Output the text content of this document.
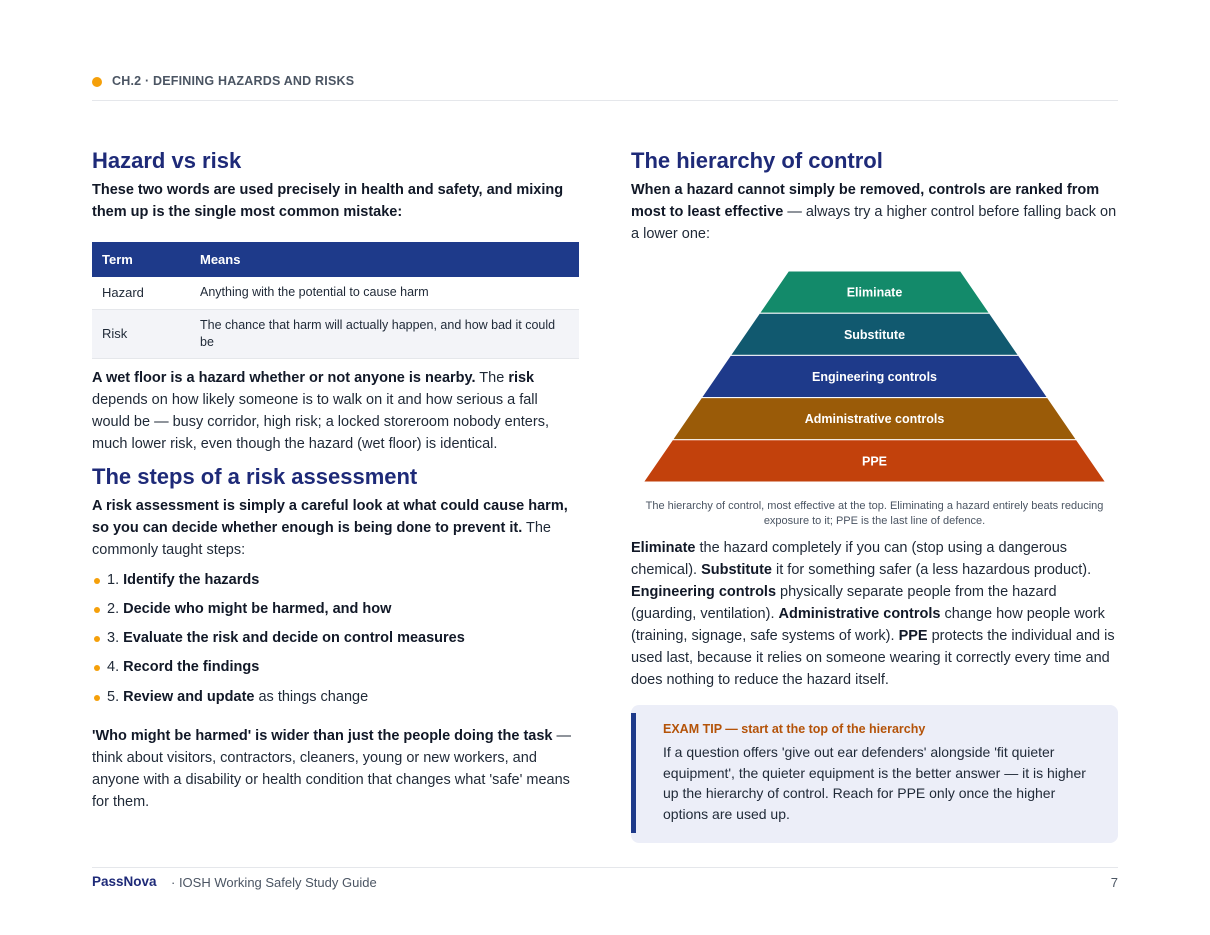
CH.2 · DEFINING HAZARDS AND RISKS
Hazard vs risk

These two words are used precisely in health and safety, and mixing them up is the single most common mistake:

Term	Means
Hazard	Anything with the potential to cause harm
Risk	The chance that harm will actually happen, and how bad it could be

A wet floor is a hazard whether or not anyone is nearby. The risk depends on how likely someone is to walk on it and how serious a fall would be — busy corridor, high risk; a locked storeroom nobody enters, much lower risk, even though the hazard (wet floor) is identical.

The steps of a risk assessment

A risk assessment is simply a careful look at what could cause harm, so you can decide whether enough is being done to prevent it. The commonly taught steps:

1. Identify the hazards
2. Decide who might be harmed, and how
3. Evaluate the risk and decide on control measures
4. Record the findings
5. Review and update as things change

'Who might be harmed' is wider than just the people doing the task — think about visitors, contractors, cleaners, young or new workers, and anyone with a disability or health condition that changes what 'safe' means for them.

The hierarchy of control

When a hazard cannot simply be removed, controls are ranked from most to least effective — always try a higher control before falling back on a lower one:

Eliminate
Substitute
Engineering controls
Administrative controls
PPE

The hierarchy of control, most effective at the top. Eliminating a hazard entirely beats reducing exposure to it; PPE is the last line of defence.

Eliminate the hazard completely if you can (stop using a dangerous chemical). Substitute it for something safer (a less hazardous product). Engineering controls physically separate people from the hazard (guarding, ventilation). Administrative controls change how people work (training, signage, safe systems of work). PPE protects the individual and is used last, because it relies on someone wearing it correctly every time and does nothing to reduce the hazard itself.

EXAM TIP — start at the top of the hierarchy
If a question offers 'give out ear defenders' alongside 'fit quieter equipment', the quieter equipment is the better answer — it is higher up the hierarchy of control. Reach for PPE only once the higher options are used up.
PassNova · IOSH Working Safely Study Guide	7
